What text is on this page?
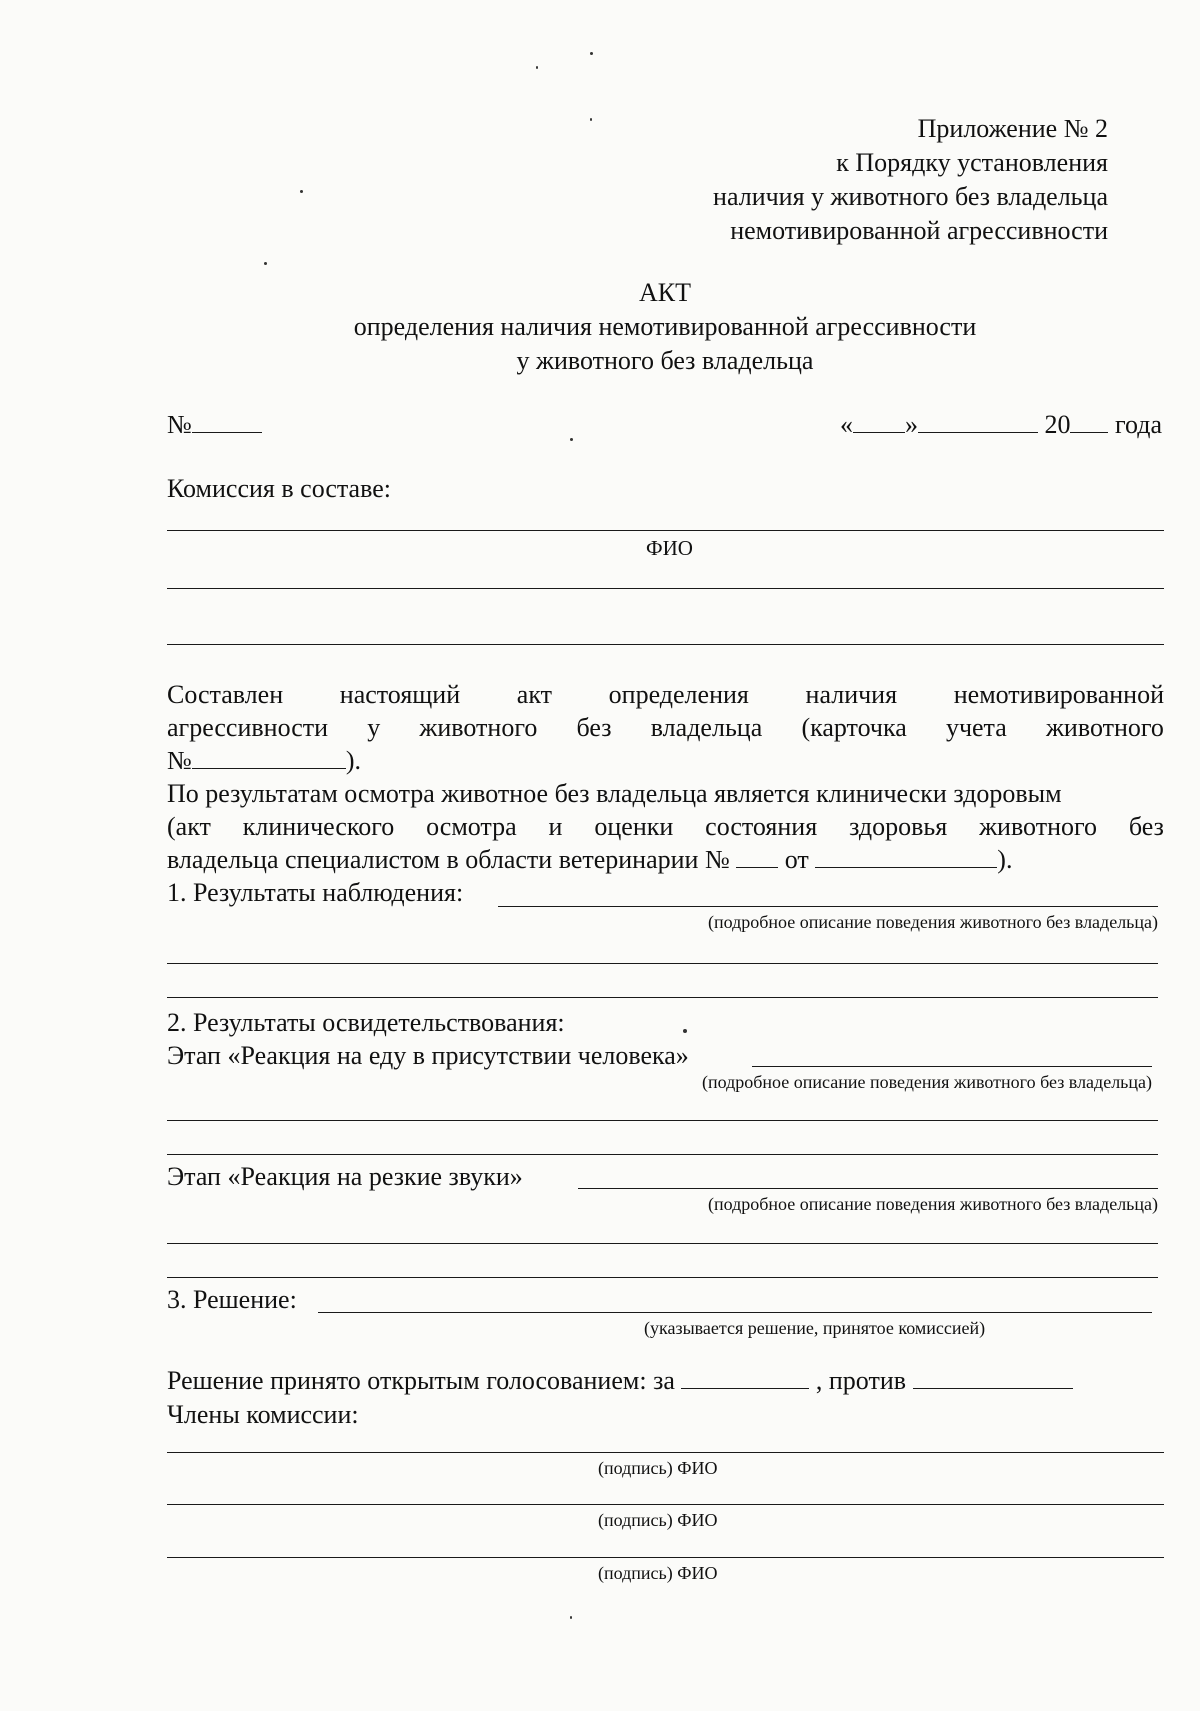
Приложение № 2
к Порядку установления
наличия у животного без владельца
немотивированной агрессивности
АКТ
определения наличия немотивированной агрессивности
у животного без владельца
№	« »	20 года
Комиссия в составе:
ФИО
Составлен настоящий акт определения наличия немотивированной
агрессивности у животного без владельца (карточка учета животного
№	).
По результатам осмотра животное без владельца является клинически здоровым
(акт клинического осмотра и оценки состояния здоровья животного без
владельца специалистом в области ветеринарии № от	).
1. Результаты наблюдения:
(подробное описание поведения животного без владельца)
2. Результаты освидетельствования:
Этап «Реакция на еду в присутствии человека»
(подробное описание поведения животного без владельца)
Этап «Реакция на резкие звуки»
(подробное описание поведения животного без владельца)
3. Решение:
(указывается решение, принятое комиссией)
Решение принято открытым голосованием: за	, против
Члены комиссии:
(подпись) ФИО
(подпись) ФИО
(подпись) ФИО
